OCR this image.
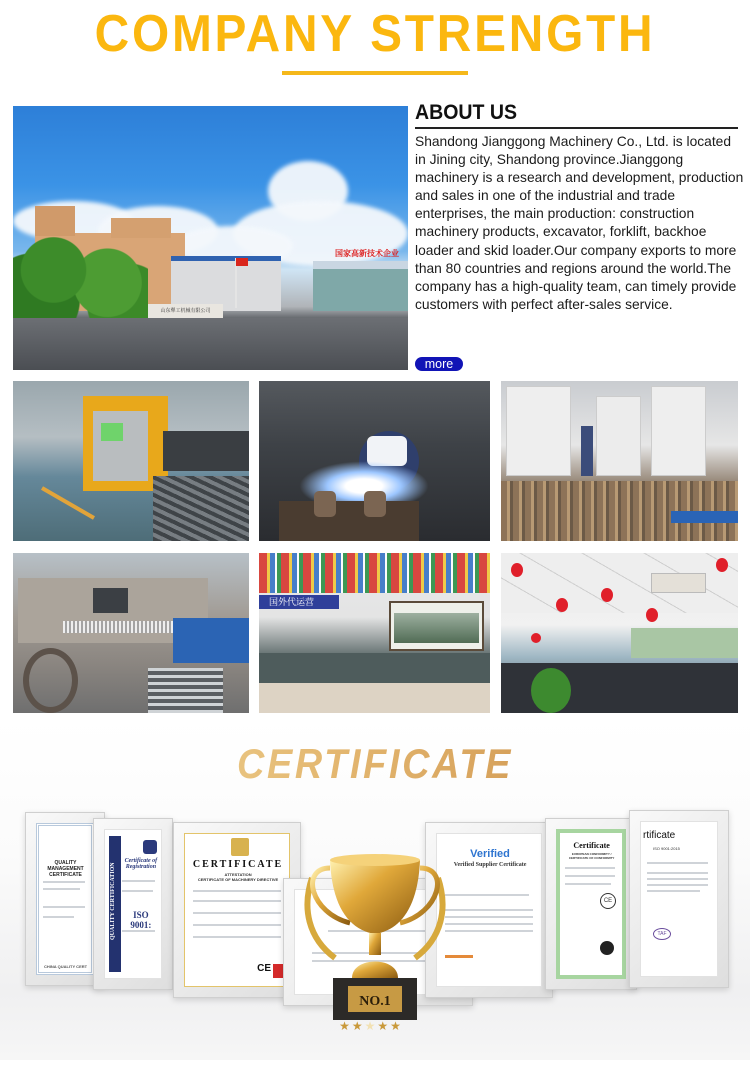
COMPANY STRENGTH
山东犟工机械有限公司
国家高新技术企业
ABOUT US
Shandong Jianggong Machinery Co., Ltd. is located in Jining city, Shandong province.Jianggong machinery is a research and development, production and sales in one of the industrial and trade enterprises, the main production: construction machinery products, excavator, forklift, backhoe loader and skid loader.Our company exports to more than 80 countries and regions around the world.The company has a high-quality team, can timely provide customers with perfect after-sales service.
more
国外代运营
CERTIFICATE
QUALITY MANAGEMENT CERTIFICATE
CHINA QUALITY CERT
QUALITY CERTIFICATION
Certificate of Registration
ISO 9001:
CERTIFICATE
ATTESTATION
CERTIFICATE OF MACHINERY DIRECTIVE
CE
Verified
Verified Supplier Certificate
Certificate
EUROPEAN CONFORMITY / CERTIFICATE OF CONFORMITY
CE
rtificate
ISO 9001:2015
TAF
NO.1
★ ★ ★ ★ ★
